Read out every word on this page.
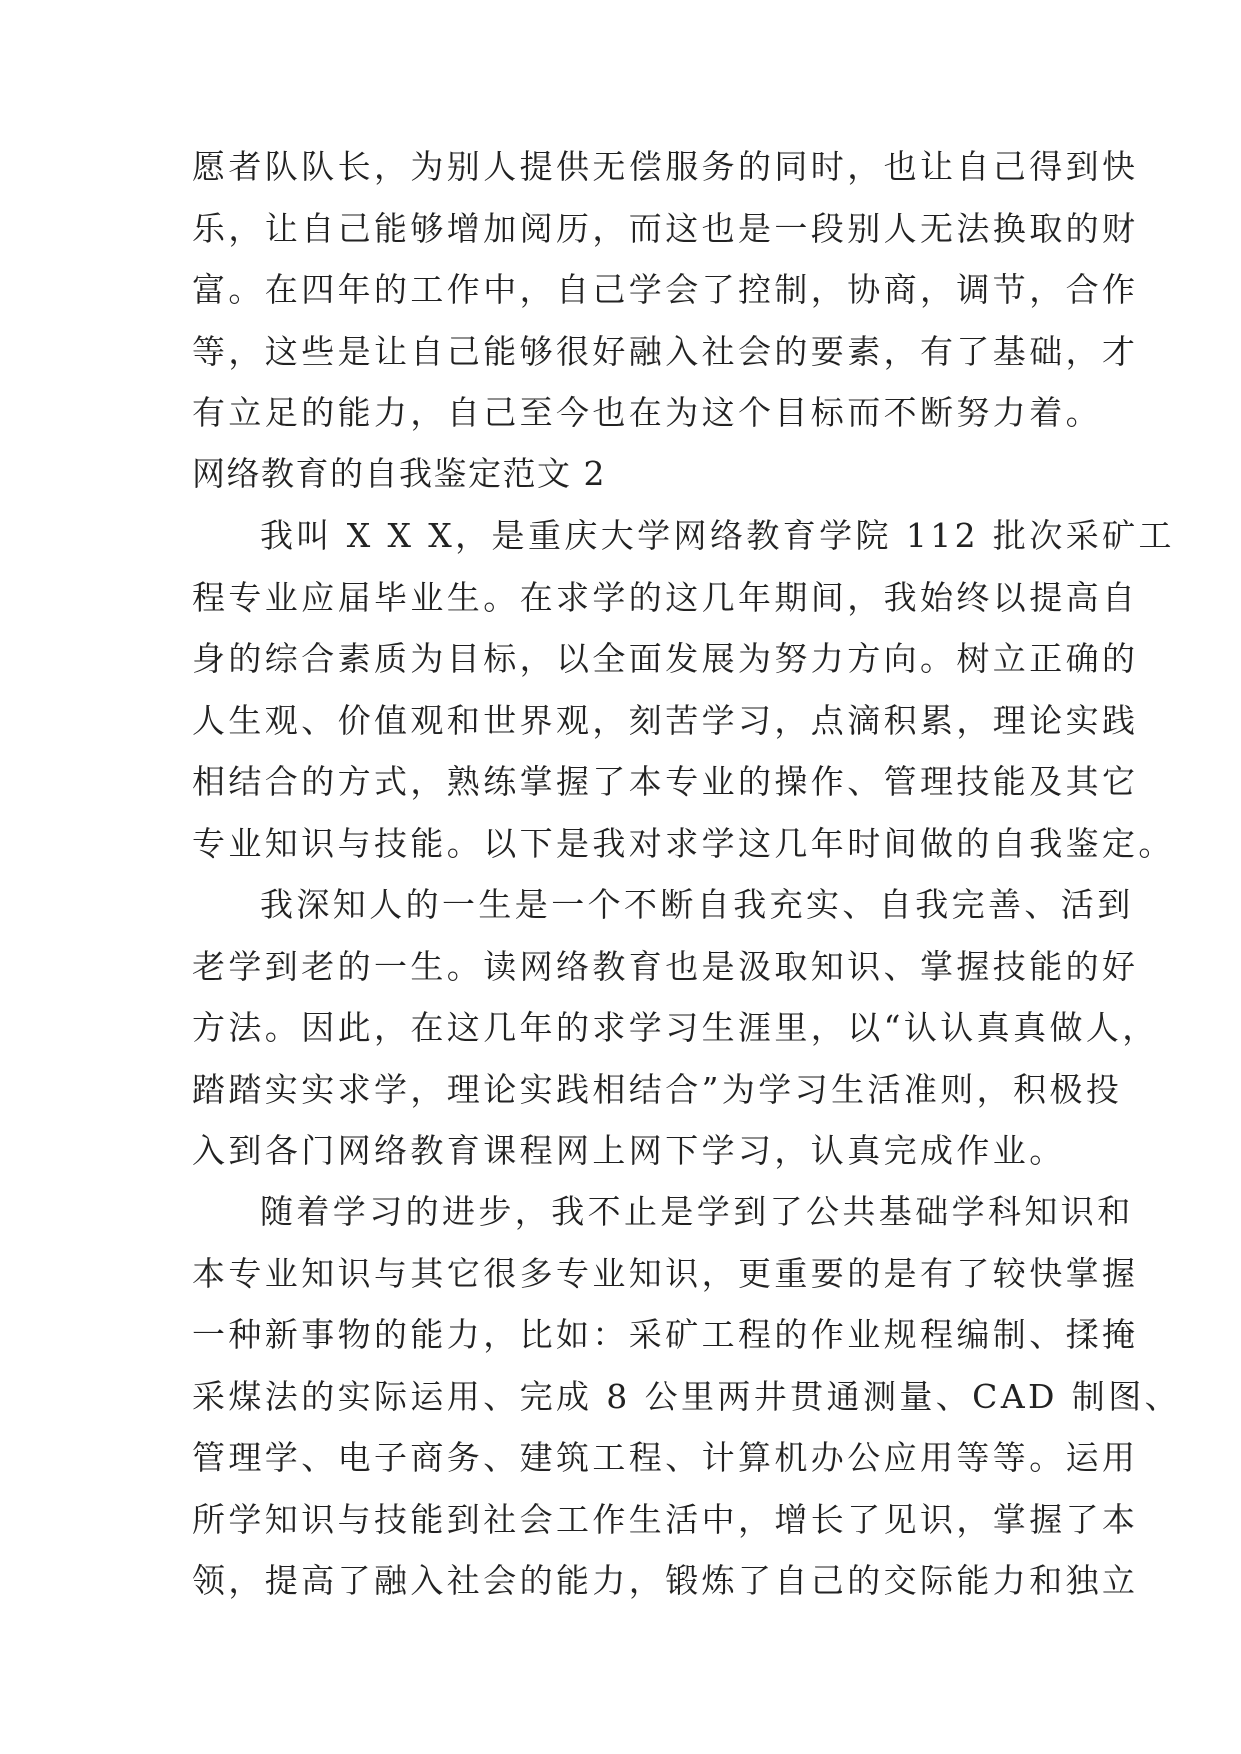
愿者队队长，为别人提供无偿服务的同时，也让自己得到快
乐，让自己能够增加阅历，而这也是一段别人无法换取的财
富。在四年的工作中，自己学会了控制，协商，调节，合作
等，这些是让自己能够很好融入社会的要素，有了基础，才
有立足的能力，自己至今也在为这个目标而不断努力着。
网络教育的自我鉴定范文 2
我叫 X X X，是重庆大学网络教育学院 112 批次采矿工
程专业应届毕业生。在求学的这几年期间，我始终以提高自
身的综合素质为目标，以全面发展为努力方向。树立正确的
人生观、价值观和世界观，刻苦学习，点滴积累，理论实践
相结合的方式，熟练掌握了本专业的操作、管理技能及其它
专业知识与技能。以下是我对求学这几年时间做的自我鉴定。
我深知人的一生是一个不断自我充实、自我完善、活到
老学到老的一生。读网络教育也是汲取知识、掌握技能的好
方法。因此，在这几年的求学习生涯里，以“认认真真做人，
踏踏实实求学，理论实践相结合”为学习生活准则，积极投
入到各门网络教育课程网上网下学习，认真完成作业。
随着学习的进步，我不止是学到了公共基础学科知识和
本专业知识与其它很多专业知识，更重要的是有了较快掌握
一种新事物的能力，比如：采矿工程的作业规程编制、揉掩
采煤法的实际运用、完成 8 公里两井贯通测量、CAD 制图、
管理学、电子商务、建筑工程、计算机办公应用等等。运用
所学知识与技能到社会工作生活中，增长了见识，掌握了本
领，提高了融入社会的能力，锻炼了自己的交际能力和独立
